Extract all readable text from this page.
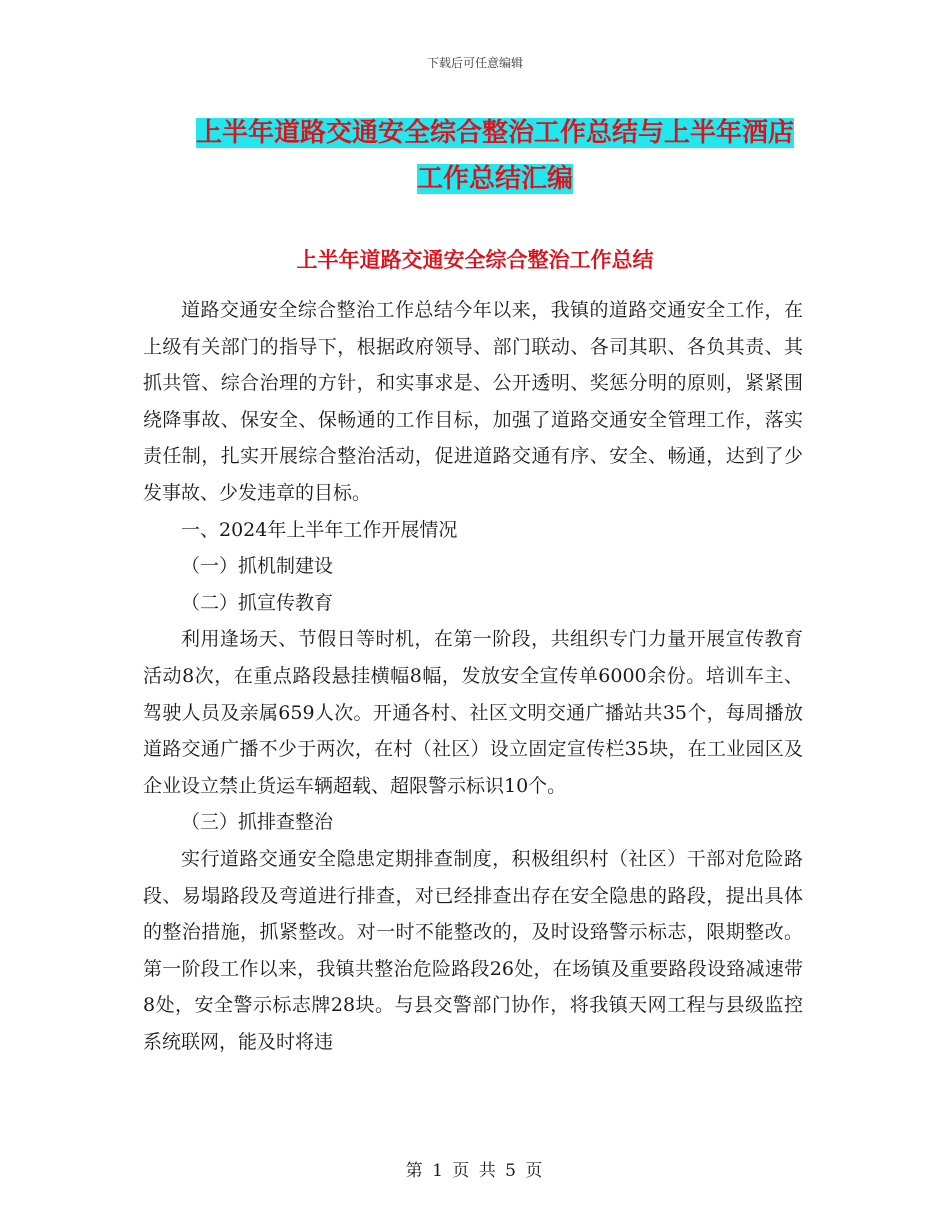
下载后可任意编辑
上半年道路交通安全综合整治工作总结与上半年酒店
工作总结汇编
上半年道路交通安全综合整治工作总结

道路交通安全综合整治工作总结今年以来，我镇的道路交通安全工作，在上级有关部门的指导下，根据政府领导、部门联动、各司其职、各负其责、其抓共管、综合治理的方针，和实事求是、公开透明、奖惩分明的原则，紧紧围绕降事故、保安全、保畅通的工作目标，加强了道路交通安全管理工作，落实责任制，扎实开展综合整治活动，促进道路交通有序、安全、畅通，达到了少发事故、少发违章的目标。

一、2024年上半年工作开展情况

（一）抓机制建设

（二）抓宣传教育

利用逢场天、节假日等时机，在第一阶段，共组织专门力量开展宣传教育活动8次，在重点路段悬挂横幅8幅，发放安全宣传单6000余份。培训车主、驾驶人员及亲属659人次。开通各村、社区文明交通广播站共35个，每周播放道路交通广播不少于两次，在村（社区）设立固定宣传栏35块，在工业园区及企业设立禁止货运车辆超载、超限警示标识10个。

（三）抓排查整治

实行道路交通安全隐患定期排查制度，积极组织村（社区）干部对危险路段、易塌路段及弯道进行排查，对已经排查出存在安全隐患的路段，提出具体的整治措施，抓紧整改。对一时不能整改的，及时设臵警示标志，限期整改。第一阶段工作以来，我镇共整治危险路段26处，在场镇及重要路段设臵减速带8处，安全警示标志牌28块。与县交警部门协作，将我镇天网工程与县级监控系统联网，能及时将违

第 1 页 共 5 页
